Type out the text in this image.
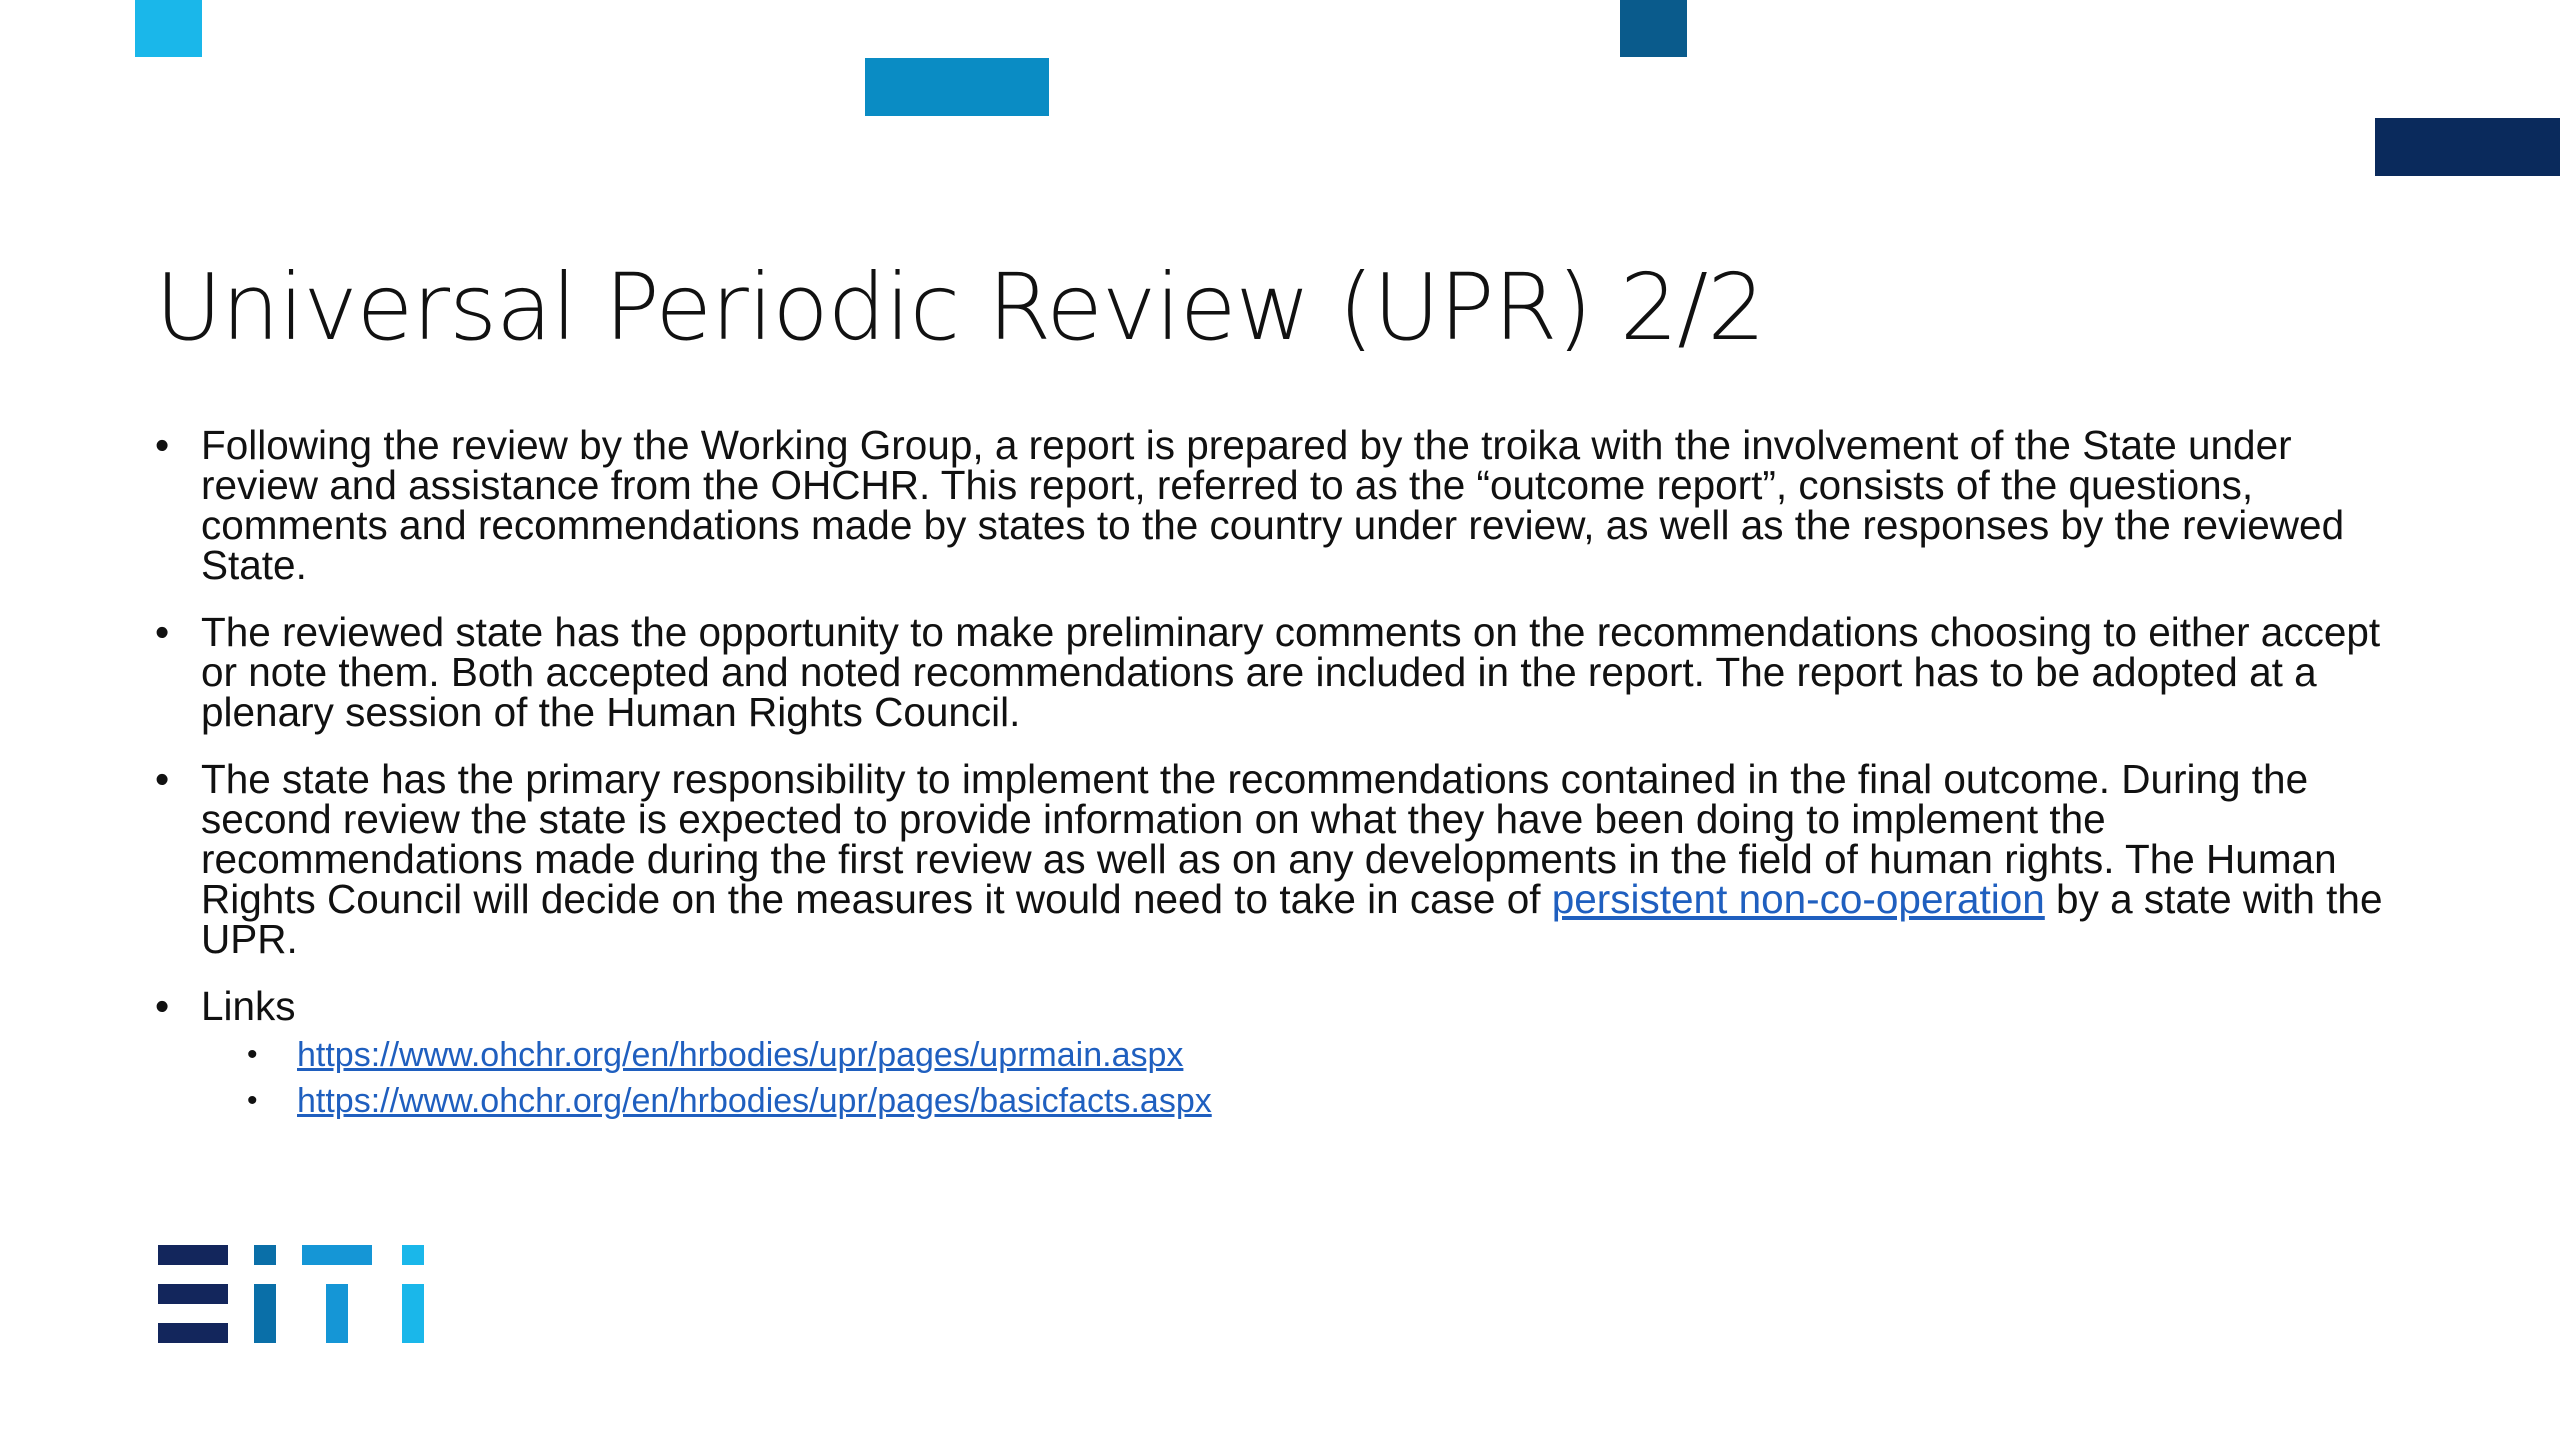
Universal Periodic Review (UPR) 2/2
• Following the review by the Working Group, a report is prepared by the troika with the involvement of the State under review and assistance from the OHCHR. This report, referred to as the “outcome report”, consists of the questions, comments and recommendations made by states to the country under review, as well as the responses by the reviewed State.
• The reviewed state has the opportunity to make preliminary comments on the recommendations choosing to either accept or note them. Both accepted and noted recommendations are included in the report. The report has to be adopted at a plenary session of the Human Rights Council.
• The state has the primary responsibility to implement the recommendations contained in the final outcome. During the second review the state is expected to provide information on what they have been doing to implement the recommendations made during the first review as well as on any developments in the field of human rights. The Human Rights Council will decide on the measures it would need to take in case of persistent non-co-operation by a state with the UPR.
• Links
• https://www.ohchr.org/en/hrbodies/upr/pages/uprmain.aspx
• https://www.ohchr.org/en/hrbodies/upr/pages/basicfacts.aspx
